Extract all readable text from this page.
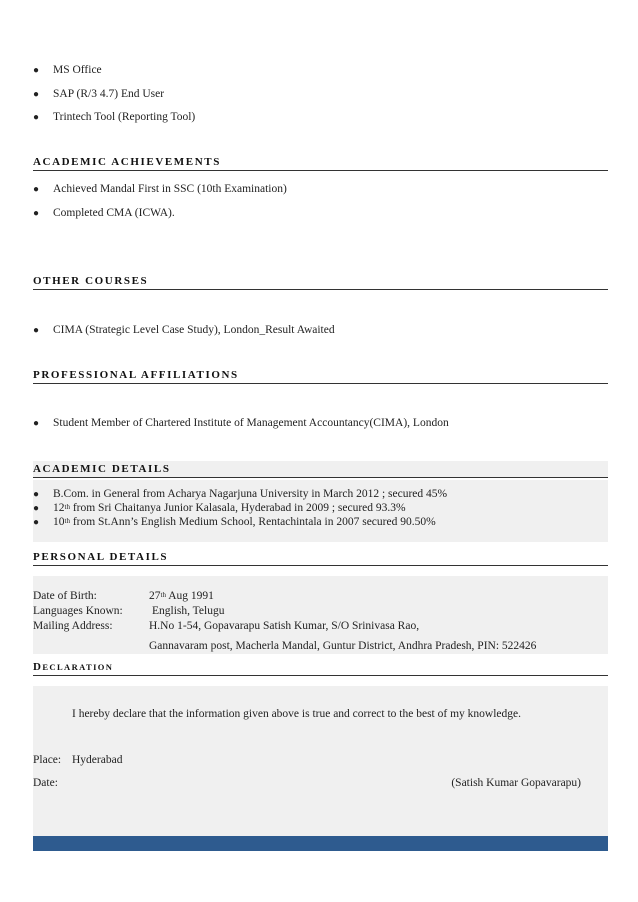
● MS Office
● SAP (R/3 4.7) End User
● Trintech Tool (Reporting Tool)
ACADEMIC ACHIEVEMENTS
● Achieved Mandal First in SSC (10th Examination)
● Completed CMA (ICWA).
OTHER COURSES
● CIMA (Strategic Level Case Study), London_Result Awaited
PROFESSIONAL AFFILIATIONS
● Student Member of Chartered Institute of Management Accountancy(CIMA), London
ACADEMIC DETAILS
● B.Com. in General from Acharya Nagarjuna University in March 2012 ; secured 45%
● 12th from Sri Chaitanya Junior Kalasala, Hyderabad in 2009 ; secured 93.3%
● 10th from St.Ann’s English Medium School, Rentachintala in 2007 secured 90.50%
PERSONAL DETAILS
Date of Birth:	27th Aug 1991
Languages Known:	English, Telugu
Mailing Address:	H.No 1-54, Gopavarapu Satish Kumar, S/O Srinivasa Rao,
Gannavaram post, Macherla Mandal, Guntur District, Andhra Pradesh, PIN: 522426
DECLARATION
I hereby declare that the information given above is true and correct to the best of my knowledge.
Place: Hyderabad
Date:	(Satish Kumar Gopavarapu)
